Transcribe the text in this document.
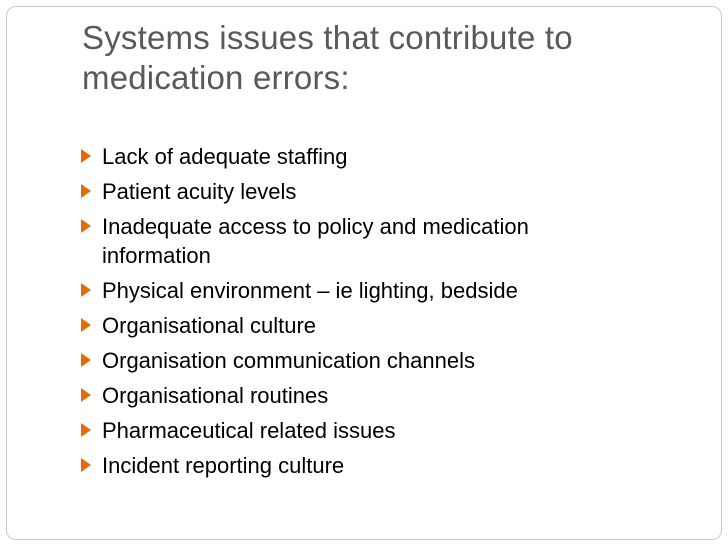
Systems issues that contribute to
medication errors:
Lack of adequate staffing
Patient acuity levels
Inadequate access to policy and medication information
Physical environment – ie lighting, bedside
Organisational culture
Organisation communication channels
Organisational routines
Pharmaceutical related issues
Incident reporting culture
